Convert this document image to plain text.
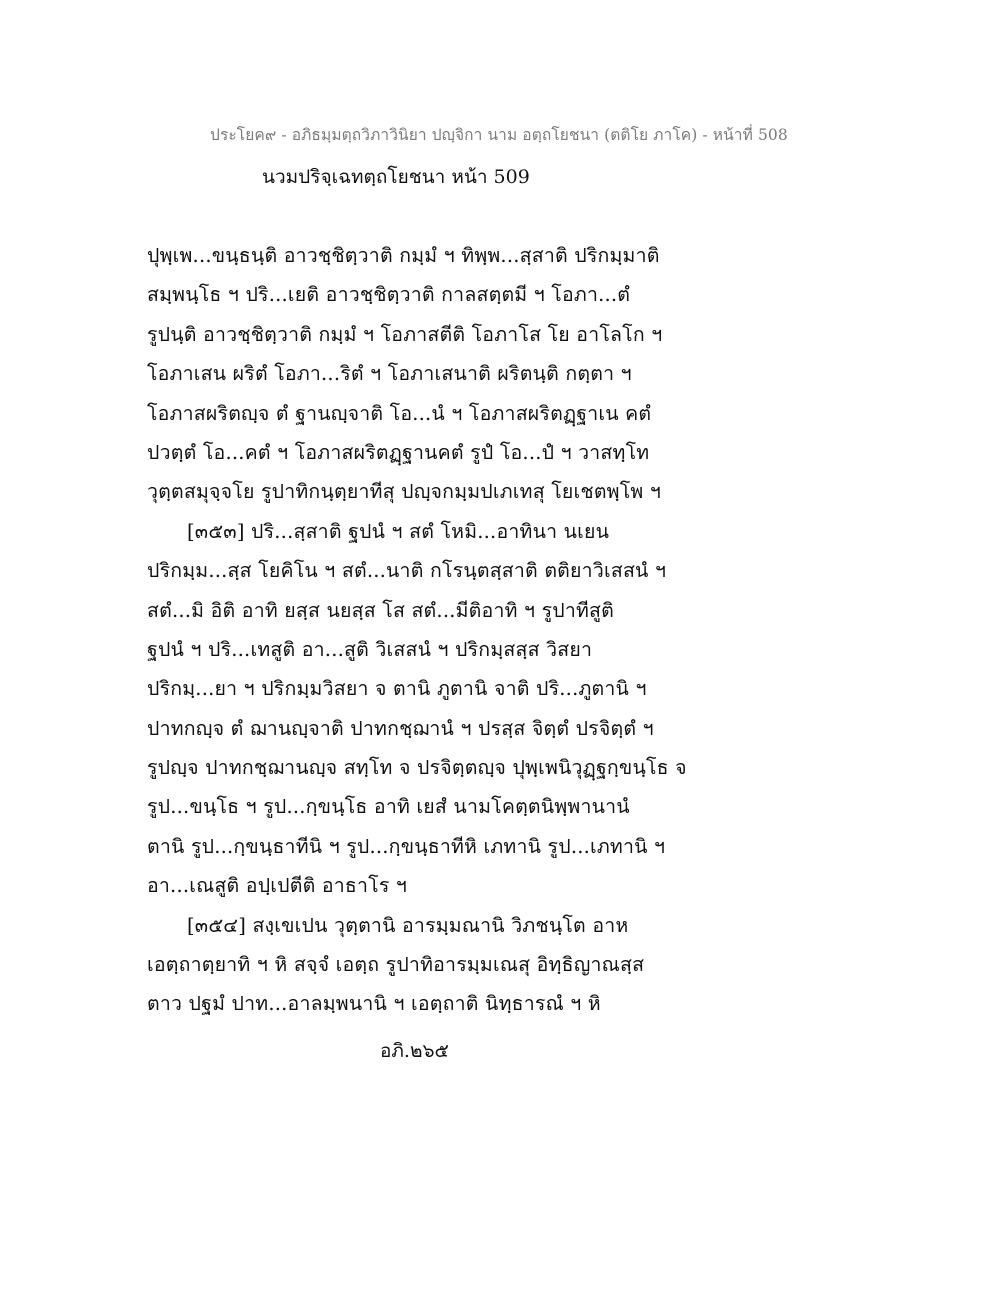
ประโยค๙ - อภิธมฺมตฺถวิภาวินิยา ปญฺจิกา นาม อตฺถโยชนา (ตติโย ภาโค) - หน้าที่ 508
นวมปริจฺเฉทตฺถโยชนา หน้า 509
ปุพฺเพ...ขนฺธนฺติ อาวชฺชิตฺวาติ กมฺมํ ฯ ทิพฺพ...สฺสาติ ปริกมฺมาติ
สมฺพนฺโธ ฯ ปริ...เยติ อาวชฺชิตฺวาติ กาลสตฺตมี ฯ โอภา...ตํ
รูปนฺติ อาวชฺชิตฺวาติ กมฺมํ ฯ โอภาสตีติ โอภาโส โย อาโลโก ฯ
โอภาเสน ผริตํ โอภา...ริตํ ฯ โอภาเสนาติ ผริตนฺติ กตฺตา ฯ
โอภาสผริตญฺจ ตํ ฐานญฺจาติ โอ...นํ ฯ โอภาสผริตฏฺฐาเน คตํ
ปวตฺตํ โอ...คตํ ฯ โอภาสผริตฏฺฐานคตํ รูปํ โอ...ปํ ฯ วาสทฺโท
วุตฺตสมุจฺจโย รูปาทิกนฺตฺยาทีสุ ปญฺจกมฺมปเภเทสุ โยเชตพฺโพ ฯ
[๓๕๓] ปริ...สฺสาติ ฐปนํ ฯ สตํ โหมิ...อาทินา นเยน
ปริกมฺม...สฺส โยคิโน ฯ สตํ...นาติ กโรนฺตสฺสาติ ตติยาวิเสสนํ ฯ
สตํ...มิ อิติ อาทิ ยสฺส นยสฺส โส สตํ...มีติอาทิ ฯ รูปาทีสูติ
ฐปนํ ฯ ปริ...เทสูติ อา...สูติ วิเสสนํ ฯ ปริกมฺสสฺส วิสยา
ปริกมฺ...ยา ฯ ปริกมฺมวิสยา จ ตานิ ภูตานิ จาติ ปริ...ภูตานิ ฯ
ปาทกญฺจ ตํ ฌานญฺจาติ ปาทกชฺฌานํ ฯ ปรสฺส จิตฺตํ ปรจิตฺตํ ฯ
รูปญฺจ ปาทกชฺฌานญฺจ สทฺโท จ ปรจิตฺตญฺจ ปุพฺเพนิวุฏฺฐกฺขนฺโธ จ
รูป...ขนฺโธ ฯ รูป...กฺขนฺโธ อาทิ เยสํ นามโคตฺตนิพฺพานานํ
ตานิ รูป...กฺขนฺธาทีนิ ฯ รูป...กฺขนฺธาทีหิ เภทานิ รูป...เภทานิ ฯ
อา...เณสูติ อปฺเปตีติ อาธาโร ฯ
[๓๕๔] สงฺเขเปน วุตฺตานิ อารมฺมณานิ วิภชนฺโต อาห
เอตฺถาตฺยาทิ ฯ หิ สจฺจํ เอตฺถ รูปาทิอารมฺมเณสุ อิทฺธิญาณสฺส
ตาว ปฐมํ ปาท...อาลมฺพนานิ ฯ เอตฺถาติ นิทฺธารณํ ฯ หิ
อภิ.๒๖๕
